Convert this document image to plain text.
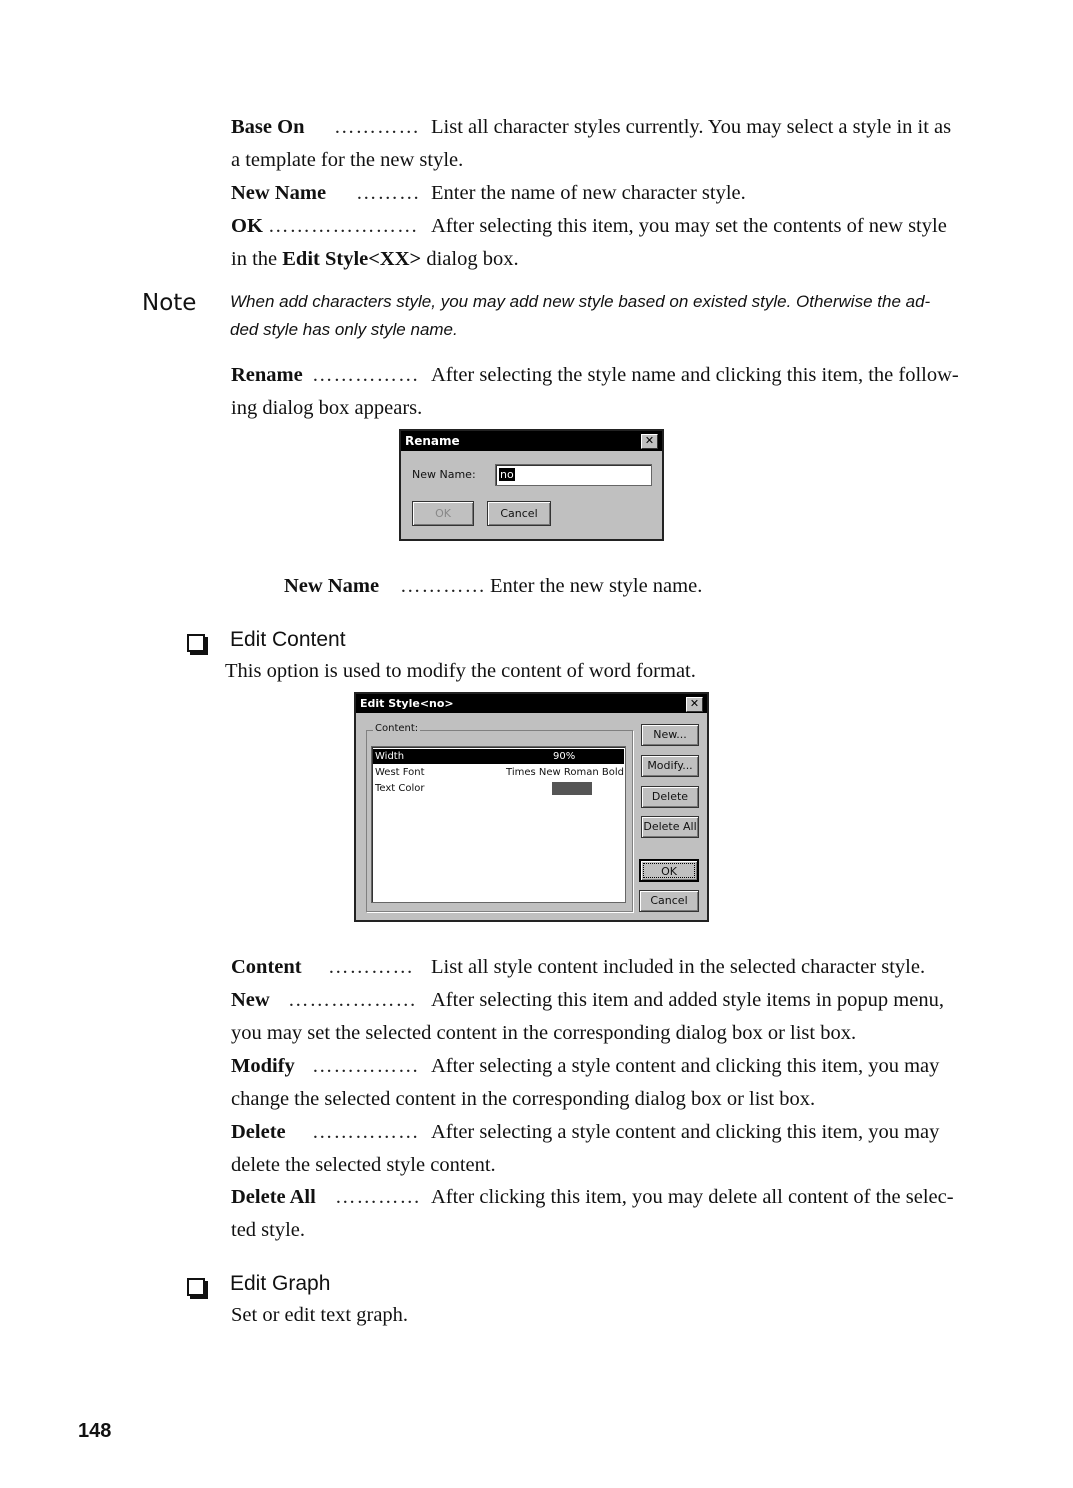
Base On ………… List all character styles currently. You may select a style in it as
a template for the new style.
New Name ……… Enter the name of new character style.
OK ………………… After selecting this item, you may set the contents of new style
in the Edit Style<XX> dialog box.
Note When add characters style, you may add new style based on existed style. Otherwise the ad-
ded style has only style name.
Rename …………… After selecting the style name and clicking this item, the follow-
ing dialog box appears.
Rename	✕
New Name: no
OK	Cancel
New Name ………… Enter the new style name.
Edit Content
This option is used to modify the content of word format.
Edit Style<no>	✕
Content:
Width	90%
West Font	Times New Roman Bold
Text Color
New...
Modify...
Delete
Delete All
OK
Cancel
Content ………… List all style content included in the selected character style.
New ……………… After selecting this item and added style items in popup menu,
you may set the selected content in the corresponding dialog box or list box.
Modify …………… After selecting a style content and clicking this item, you may
change the selected content in the corresponding dialog box or list box.
Delete …………… After selecting a style content and clicking this item, you may
delete the selected style content.
Delete All ………… After clicking this item, you may delete all content of the selec-
ted style.
Edit Graph
Set or edit text graph.
148
